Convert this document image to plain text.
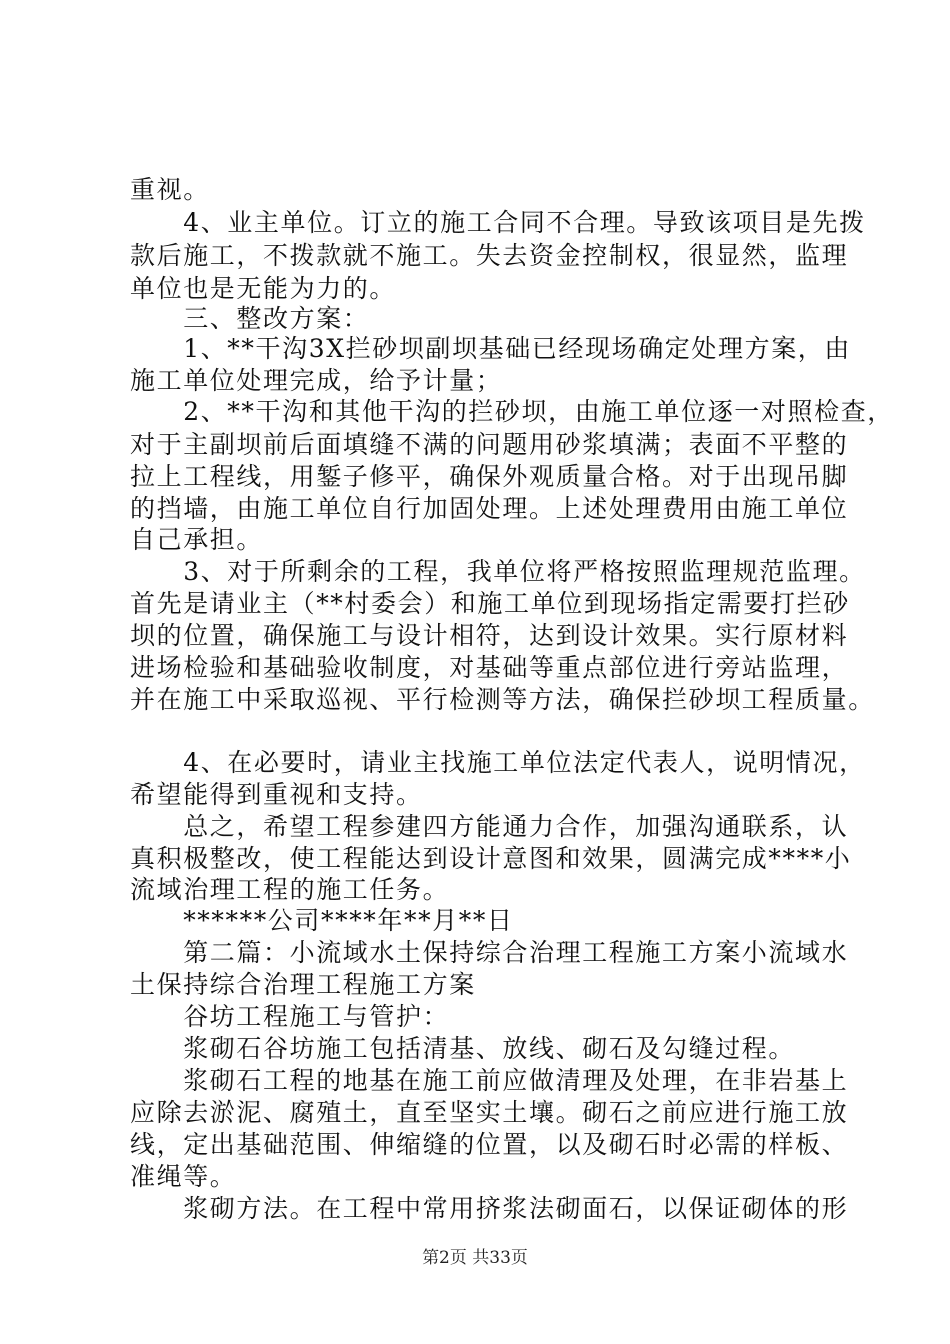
重视。
　　4、业主单位。订立的施工合同不合理。导致该项目是先拨
款后施工，不拨款就不施工。失去资金控制权，很显然，监理
单位也是无能为力的。
　　三、整改方案：
　　1、**干沟3X拦砂坝副坝基础已经现场确定处理方案，由
施工单位处理完成，给予计量；
　　2、**干沟和其他干沟的拦砂坝，由施工单位逐一对照检查，
对于主副坝前后面填缝不满的问题用砂浆填满；表面不平整的
拉上工程线，用錾子修平，确保外观质量合格。对于出现吊脚
的挡墙，由施工单位自行加固处理。上述处理费用由施工单位
自己承担。
　　3、对于所剩余的工程，我单位将严格按照监理规范监理。
首先是请业主（**村委会）和施工单位到现场指定需要打拦砂
坝的位置，确保施工与设计相符，达到设计效果。实行原材料
进场检验和基础验收制度，对基础等重点部位进行旁站监理，
并在施工中采取巡视、平行检测等方法，确保拦砂坝工程质量。
　　4、在必要时，请业主找施工单位法定代表人，说明情况，
希望能得到重视和支持。
　　总之，希望工程参建四方能通力合作，加强沟通联系，认
真积极整改，使工程能达到设计意图和效果，圆满完成****小
流域治理工程的施工任务。
　　******公司****年**月**日
　　第二篇：小流域水土保持综合治理工程施工方案小流域水
土保持综合治理工程施工方案
　　谷坊工程施工与管护：
　　浆砌石谷坊施工包括清基、放线、砌石及勾缝过程。
　　浆砌石工程的地基在施工前应做清理及处理，在非岩基上
应除去淤泥、腐殖土，直至坚实土壤。砌石之前应进行施工放
线，定出基础范围、伸缩缝的位置，以及砌石时必需的样板、
准绳等。
　　浆砌方法。在工程中常用挤浆法砌面石，以保证砌体的形
第2页 共33页
